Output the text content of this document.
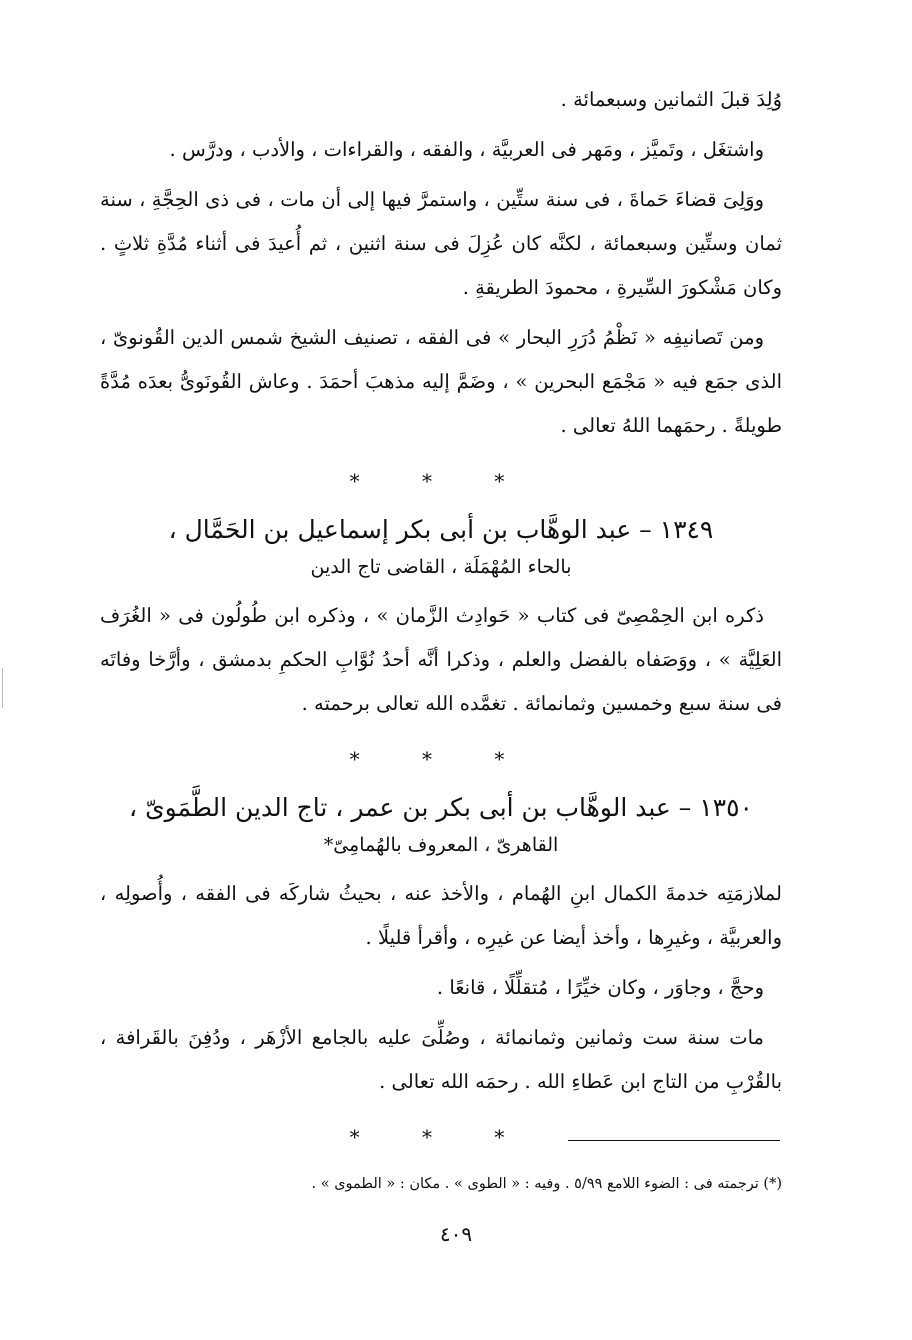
وُلِدَ قبلَ الثمانين وسبعمائة .

واشتغَل ، وتَميَّز ، ومَهر فى العربيَّة ، والفقه ، والقراءات ، والأدب ، ودرَّس .

ووَلِىَ قضاءَ حَماةَ ، فى سنة ستِّين ، واستمرَّ فيها إلى أن مات ، فى ذى الحِجَّةِ ، سنة ثمان وستِّين وسبعمائة ، لكنَّه كان عُزِلَ فى سنة اثنين ، ثم أُعيدَ فى أثناء مُدَّةِ ثلاثٍ . وكان مَشْكورَ السِّيرةِ ، محمودَ الطريقةِ .

ومن تَصانيفِه « نَظْمُ دُرَرِ البحار » فى الفقه ، تصنيف الشيخ شمس الدين القُونوىّ ، الذى جمَع فيه « مَجْمَع البحرين » ، وضَمَّ إليه مذهبَ أحمَدَ . وعاش القُونَوىُّ بعدَه مُدَّةً طويلةً . رحمَهما اللهُ تعالى .

* * *
١٣٤٩ – عبد الوهَّاب بن أبى بكر إسماعيل بن الحَمَّال ،
بالحاء المُهْمَلَة ، القاضى تاج الدين

ذكره ابن الحِمْصِىّ فى كتاب « حَوادِث الزَّمان » ، وذكره ابن طُولُون فى « الغُرَف العَلِيَّة » ، ووَصَفاه بالفضل والعلم ، وذكرا أنَّه أحدُ نُوَّابِ الحكمِ بدمشق ، وأرَّخا وفاتَه فى سنة سبع وخمسين وثمانمائة . تغمَّده الله تعالى برحمته .

* * *
١٣٥٠ – عبد الوهَّاب بن أبى بكر بن عمر ، تاج الدين الطَّمَوىّ ،
القاهرىّ ، المعروف بالهُمامِىّ*

لملازمَتِه خدمةَ الكمال ابنِ الهُمام ، والأخذ عنه ، بحيثُ شاركَه فى الفقه ، وأُصولِه ، والعربيَّة ، وغيرِها ، وأخذ أيضا عن غيرِه ، وأقرأ قليلًا .

وحجَّ ، وجاوَر ، وكان خيِّرًا ، مُتقلِّلًا ، قانعًا .

مات سنة ست وثمانين وثمانمائة ، وصُلِّىَ عليه بالجامع الأزْهَر ، ودُفِنَ بالقَرافة ، بالقُرْبِ من التاج ابن عَطاءِ الله . رحمَه الله تعالى .

* * *
(*) ترجمته فى : الضوء اللامع ٥/٩٩ . وفيه : « الطوى » . مكان : « الطموى » .
٤٠٩
